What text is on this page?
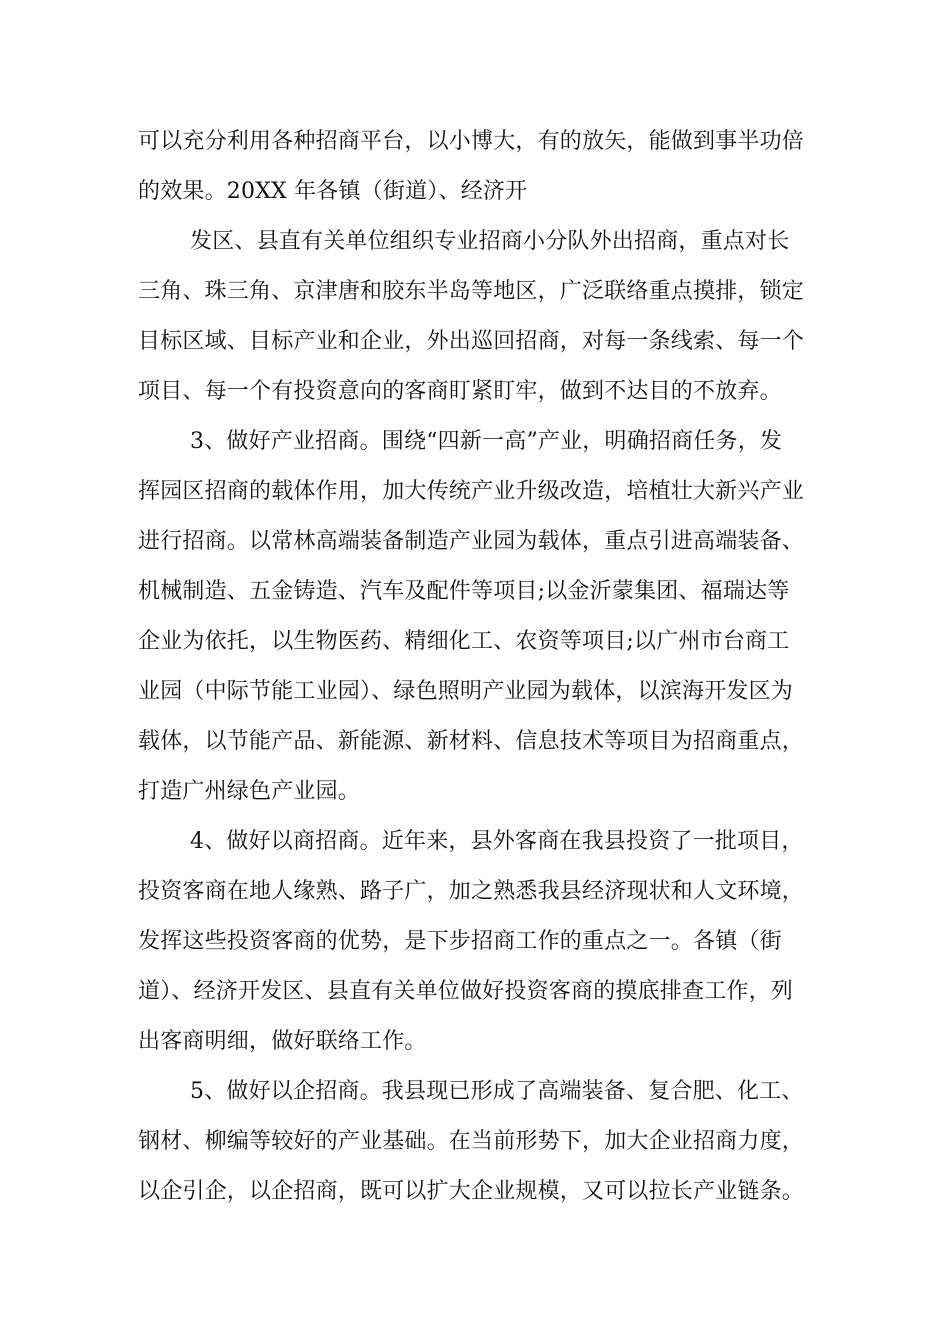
可以充分利用各种招商平台，以小博大，有的放矢，能做到事半功倍
的效果。20XX 年各镇（街道）、经济开
发区、县直有关单位组织专业招商小分队外出招商，重点对长
三角、珠三角、京津唐和胶东半岛等地区，广泛联络重点摸排，锁定
目标区域、目标产业和企业，外出巡回招商，对每一条线索、每一个
项目、每一个有投资意向的客商盯紧盯牢，做到不达目的不放弃。
3、做好产业招商。围绕“四新一高”产业，明确招商任务，发
挥园区招商的载体作用，加大传统产业升级改造，培植壮大新兴产业
进行招商。以常林高端装备制造产业园为载体，重点引进高端装备、
机械制造、五金铸造、汽车及配件等项目;以金沂蒙集团、福瑞达等
企业为依托，以生物医药、精细化工、农资等项目;以广州市台商工
业园（中际节能工业园）、绿色照明产业园为载体，以滨海开发区为
载体，以节能产品、新能源、新材料、信息技术等项目为招商重点，
打造广州绿色产业园。
4、做好以商招商。近年来，县外客商在我县投资了一批项目，
投资客商在地人缘熟、路子广，加之熟悉我县经济现状和人文环境，
发挥这些投资客商的优势，是下步招商工作的重点之一。各镇（街
道）、经济开发区、县直有关单位做好投资客商的摸底排查工作，列
出客商明细，做好联络工作。
5、做好以企招商。我县现已形成了高端装备、复合肥、化工、
钢材、柳编等较好的产业基础。在当前形势下，加大企业招商力度，
以企引企，以企招商，既可以扩大企业规模，又可以拉长产业链条。
